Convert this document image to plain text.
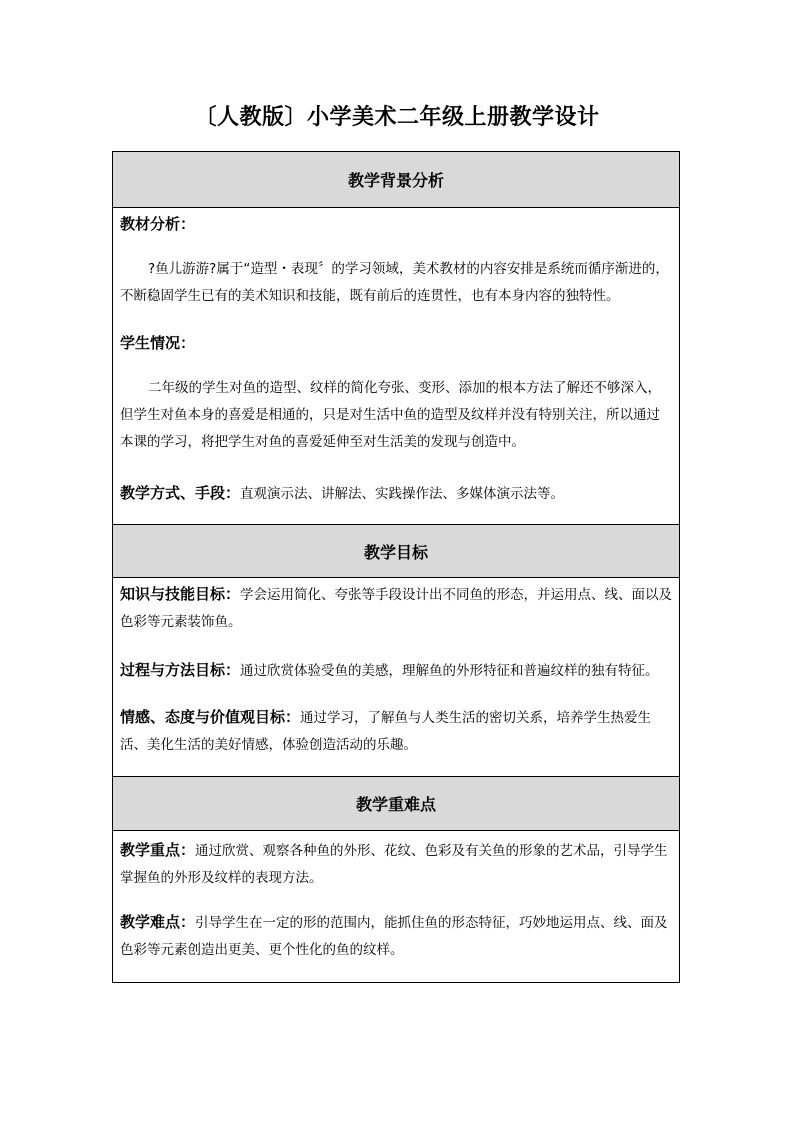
〔人教版〕小学美术二年级上册教学设计
教学背景分析

教材分析：

?鱼儿游游?属于“造型・表现〞的学习领域，美术教材的内容安排是系统而循序渐进的，不断稳固学生已有的美术知识和技能，既有前后的连贯性，也有本身内容的独特性。

学生情况：

二年级的学生对鱼的造型、纹样的简化夸张、变形、添加的根本方法了解还不够深入，但学生对鱼本身的喜爱是相通的，只是对生活中鱼的造型及纹样并没有特别关注，所以通过本课的学习，将把学生对鱼的喜爱延伸至对生活美的发现与创造中。

教学方式、手段：直观演示法、讲解法、实践操作法、多媒体演示法等。

教学目标

知识与技能目标：学会运用简化、夸张等手段设计出不同鱼的形态，并运用点、线、面以及色彩等元素装饰鱼。

过程与方法目标：通过欣赏体验受鱼的美感，理解鱼的外形特征和普遍纹样的独有特征。

情感、态度与价值观目标：通过学习，了解鱼与人类生活的密切关系，培养学生热爱生活、美化生活的美好情感，体验创造活动的乐趣。

教学重难点

教学重点：通过欣赏、观察各种鱼的外形、花纹、色彩及有关鱼的形象的艺术品，引导学生掌握鱼的外形及纹样的表现方法。

教学难点：引导学生在一定的形的范围内，能抓住鱼的形态特征，巧妙地运用点、线、面及色彩等元素创造出更美、更个性化的鱼的纹样。
